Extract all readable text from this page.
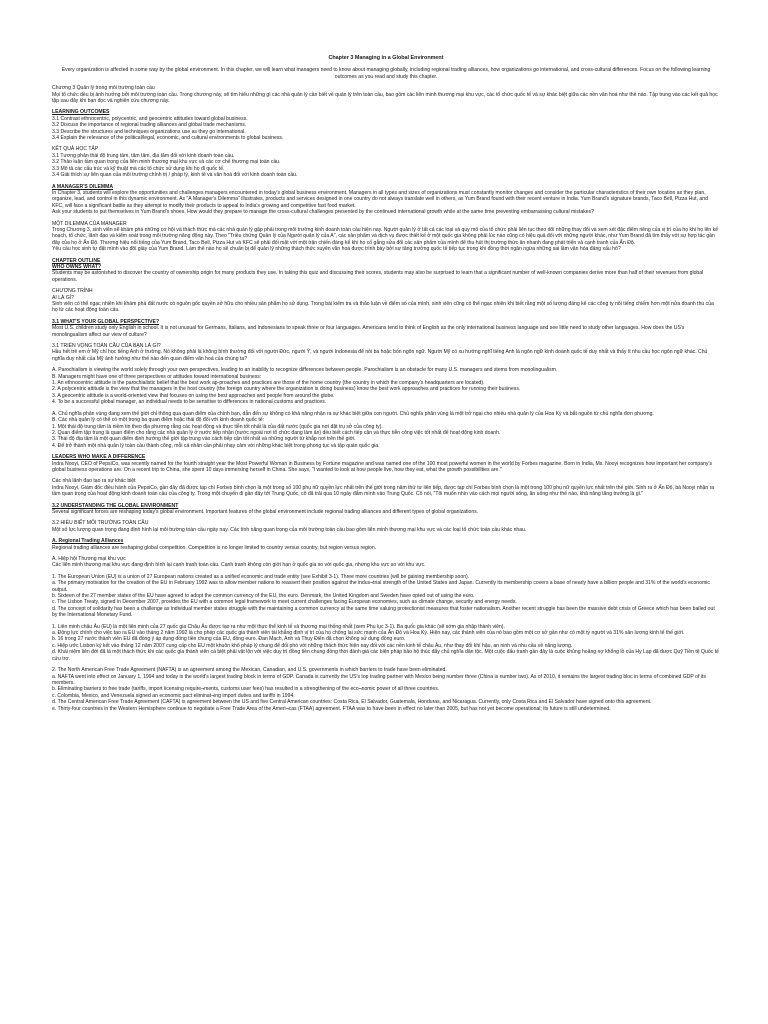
Chapter 3 Managing in a Global Environment

Every organization is affected in some way by the global environment. In this chapter, we will learn what managers need to know about managing globally, including regional trading alliances, how organizations go international, and cross-cultural differences. Focus on the following learning outcomes as you read and study this chapter.

Chương 3 Quản lý trong môi trường toàn cầu

Mọi tổ chức đều bị ảnh hưởng bởi môi trường toàn cầu. Trong chương này, sẽ tìm hiểu những gì các nhà quản lý cần biết về quản lý trên toàn cầu, bao gồm các liên minh thương mại khu vực, các tổ chức quốc tế và sự khác biệt giữa các nền văn hoá như thế nào. Tập trung vào các kết quả học tập sau đây khi bạn đọc và nghiên cứu chương này.

LEARNING OUTCOMES

3.1 Contrast ethnocentric, polycentric, and geocentric attitudes toward global business.

3.2 Discuss the importance of regional trading alliances and global trade mechanisms.

3.3 Describe the structures and techniques organizations use as they go international.

3.4 Explain the relevance of the political/legal, economic, and cultural environments to global business.

KẾT QUẢ HỌC TẬP

3.1 Tương phản thái độ trung tâm, tâm tâm, địa tâm đối với kinh doanh toàn cầu.

3.2 Thảo luận tầm quan trọng của liên minh thương mại khu vực và các cơ chế thương mại toàn cầu.

3.3 Mô tả các cấu trúc và kỹ thuật mà các tổ chức sử dụng khi họ đi quốc tế.

3.4 Giải thích sự liên quan của môi trường chính trị / pháp lý, kinh tế và văn hoá đối với kinh doanh toàn cầu.

A MANAGER'S DILEMMA

In Chapter 3, students will explore the opportunities and challenges managers encountered in today's global business environment. Managers in all types and sizes of organizations must constantly monitor changes and consider the particular characteristics of their own location as they plan, organize, lead, and control in this dynamic environment. As "A Manager's Dilemma" illustrates, products and services designed in one country do not always translate well in others, as Yum Brand found with their recent venture in India. Yum Brand's signature brands, Taco Bell, Pizza Hut, and KFC, will face a significant battle as they attempt to modify their products to appeal to India's growing and competitive fast food market.

Ask your students to put themselves in Yum Brand's shoes. How would they prepare to manage the cross-cultural challenges presented by the continued international growth while at the same time preventing embarrassing cultural mistakes?

MỘT DILEMMA CỦA MANAGER

Trong Chương 3, sinh viên sẽ khám phá những cơ hội và thách thức mà các nhà quản lý gặp phải trong môi trường kinh doanh toàn cầu hiện nay. Người quản lý ở tất cả các loại và quy mô của tổ chức phải liên tục theo dõi những thay đổi và xem xét đặc điểm riêng của vị trí của họ khi họ lên kế hoạch, tổ chức, lãnh đạo và kiểm soát trong môi trường năng động này. Theo "Triều chứng Quản lý của Người quản lý của A", các sản phẩm và dịch vụ được thiết kế ở một quốc gia không phải lúc nào cũng có hiệu quả đối với những người khác, như Yum Brand đã tìm thấy với sự hợp tác gần đây của họ ở Ấn Độ. Thương hiệu nổi tiếng của Yum Brand, Taco Bell, Pizza Hut và KFC sẽ phải đối mặt với một trận chiến đáng kể khi họ cố gắng sửa đổi các sản phẩm của mình để thu hút thị trường thức ăn nhanh đang phát triển và cạnh tranh của Ấn Độ.

Yêu cầu học sinh tự đặt mình vào đôi giày của Yum Brand. Làm thế nào họ sẽ chuẩn bị để quản lý những thách thức xuyên văn hoá được trình bày bởi sự tăng trưởng quốc tế tiếp tục trong khi đồng thời ngăn ngừa những sai lầm văn hóa đáng xấu hổ?

CHAPTER OUTLINE

WHO OWNS WHAT?

Students may be astonished to discover the country of ownership origin for many products they use. In taking this quiz and discussing their scores, students may also be surprised to learn that a significant number of well-known companies derive more than half of their revenues from global operations.

CHƯƠNG TRÌNH

AI LÀ GÌ?

Sinh viên có thể ngạc nhiên khi khám phá đất nước có nguồn gốc quyền sở hữu cho nhiều sản phẩm họ sử dụng. Trong bài kiểm tra và thảo luận về điểm số của mình, sinh viên cũng có thể ngạc nhiên khi biết rằng một số lượng đáng kể các công ty nổi tiếng chiếm hơn một nửa doanh thu của họ từ các hoạt động toàn cầu.

3.1 WHAT'S YOUR GLOBAL PERSPECTIVE?

Most U.S. children study only English in school. It is not unusual for Germans, Italians, and Indonesians to speak three or four languages. Americans tend to think of English as the only international business language and see little need to study other languages. How does the US's monolingualism affect our view of culture?

3.1 TRIỂN VỌNG TOÀN CẦU CỦA BẠN LÀ GÌ?

Hầu hết trẻ em ở Mỹ chỉ học tiếng Anh ở trường. Nó không phải là không bình thường đối với người Đức, người Ý, và người Indonesia để nói ba hoặc bốn ngôn ngữ. Người Mỹ có xu hướng nghĩ tiếng Anh là ngôn ngữ kinh doanh quốc tế duy nhất và thấy ít nhu cầu học ngôn ngữ khác. Chủ nghĩa duy nhất của Mỹ ảnh hưởng như thế nào đến quan điểm văn hoá của chúng ta?

A. Parochialism is viewing the world solely through your own perspectives, leading to an inability to recognize differences between people. Parochialism is an obstacle for many U.S. managers and stems from monolingualism.

B. Managers might have one of three perspectives or attitudes toward international business:

1. An ethnocentric attitude is the parochialistic belief that the best work ap-proaches and practices are those of the home country (the country in which the company's headquarters are located).

2. A polycentric attitude is the view that the managers in the host country (the foreign country where the organization is doing business) know the best work approaches and practices for running their business.

3. A geocentric attitude is a world-oriented view that focuses on using the best approaches and people from around the globe.

4. To be a successful global manager, an individual needs to be sensitive to differences in national customs and practices.

A. Chủ nghĩa phân vùng đang xem thế giới chỉ thông qua quan điểm của chính bạn, dẫn đến sự không có khả năng nhận ra sự khác biệt giữa con người. Chủ nghĩa phân vùng là một trở ngại cho nhiều nhà quản lý của Hoa Kỳ và bắt nguồn từ chủ nghĩa đơn phương.

B. Các nhà quản lý có thể có một trong ba quan điểm hoặc thái độ đối với kinh doanh quốc tế:

1. Một thái độ trung tâm là niềm tin theo địa phương rằng các hoạt động và thực tiễn tốt nhất là của đất nước (quốc gia nơi đặt trụ sở của công ty).

2. Quan điểm tập trung là quan điểm cho rằng các nhà quản lý ở nước tiếp nhận (nước ngoài nơi tổ chức đang làm ăn) đều biết cách tiếp cận và thực tiễn công việc tốt nhất để hoạt động kinh doanh.

3. Thái độ địa tâm là một quan điểm định hướng thế giới tập trung vào cách tiếp cận tốt nhất và những người từ khắp nơi trên thế giới.

4. Để trở thành một nhà quản lý toàn cầu thành công, mỗi cá nhân cần phải nhạy cảm với những khác biệt trong phong tục và tập quán quốc gia.

LEADERS WHO MAKE A DIFFERENCE

Indra Nooyi, CEO of PepsiCo, was recently named for the fourth straight year the Most Powerful Woman in Business by Fortune magazine and was named one of the 100 most powerful women in the world by Forbes magazine. Born in India, Ms. Nooyi recognizes how important her company's global business operations are. On a recent trip to China, she spent 10 days immersing herself in China. She says, "I wanted to look at how people live, how they eat, what the growth possibilities are."

Các nhà lãnh đạo tạo ra sự khác biệt

Indra Nooyi, Giám đốc điều hành của PepsiCo, gần đây đã được tạp chí Forbes bình chọn là một trong số 100 phụ nữ quyền lực nhất trên thế giới trong năm thứ tư liên tiếp, được tạp chí Forbes bình chọn là một trong 100 phụ nữ quyền lực nhất trên thế giới. Sinh ra ở Ấn Độ, bà Nooyi nhận ra tầm quan trọng của hoạt động kinh doanh toàn cầu của công ty. Trong một chuyến đi gần đây tới Trung Quốc, cô đã trải qua 10 ngày đắm mình vào Trung Quốc. Cô nói, "Tôi muốn nhìn vào cách mọi người sống, ăn uống như thế nào, khả năng tăng trưởng là gì."

3.2 UNDERSTANDING THE GLOBAL ENVIRONMENT

Several significant forces are reshaping today's global environment. Important features of the global environment include regional trading alliances and different types of global organizations.

3.2 HIỂU BIẾT MÔI TRƯỜNG TOÀN CẦU

Một số lực lượng quan trọng đang định hình lại môi trường toàn cầu ngày nay. Các tính năng quan trọng của môi trường toàn cầu bao gồm liên minh thương mại khu vực và các loại tổ chức toàn cầu khác nhau.

A. Regional Trading Alliances

Regional trading alliances are reshaping global competition. Competition is no longer limited to country versus country, but region versus region.

A. Hiệp hội Thương mại khu vực

Các liên minh thương mại khu vực đang định hình lại cạnh tranh toàn cầu. Cạnh tranh không còn giới hạn ở quốc gia so với quốc gia, nhưng khu vực so với khu vực.

1. The European Union (EU) is a union of 27 European nations created as a unified economic and trade entity (see Exhibit 3-1). Three more countries (will be gaining membership soon).

a. The primary motivation for the creation of the EU in February 1992 was to allow member nations to reassert their position against the indus¬trial strength of the United States and Japan. Currently its membership covers a base of nearly have a billion people and 31% of the world's economic output.

b. Sixteen of the 27 member states of the EU have agreed to adopt the common currency of the EU, the euro. Denmark, the United Kingdom and Sweden have opted out of using the euro.

c. The Lisbon Treaty, signed in December 2007, provides the EU with a common legal framework to meet current challenges facing European economies, such as climate change, security and energy needs.

d. The concept of solidarity has been a challenge as individual member states struggle with the maintaining a common currency at the same time valuing protectionist measures that foster nationalism. Another recent struggle has been the massive debt crisis of Greece which has been bailed out by the International Monetary Fund.

1. Liên minh châu Âu (EU) là một liên minh của 27 quốc gia Châu Âu được tạo ra như một thực thể kinh tế và thương mại thống nhất (xem Phụ lục 3-1). Ba quốc gia khác (sẽ sớm gia nhập thành viên).

a. Động lực chính cho việc tạo ra EU vào tháng 2 năm 1992 là cho phép các quốc gia thành viên tái khẳng định vị trí của họ chống lại sức mạnh của Ấn Độ và Hoa Kỳ. Hiện nay, các thành viên của nó bao gồm một cơ sở gần như có một tỷ người và 31% sản lượng kinh tế thế giới.

b. 16 trong 27 nước thành viên EU đã đồng ý áp dụng đồng tiền chung của EU, đồng euro. Đan Mạch, Anh và Thụy Điển đã chọn không sử dụng đồng euro.

c. Hiệp ước Lisbon ký kết vào tháng 12 năm 2007 cung cấp cho EU một khuôn khổ pháp lý chung để đối phó với những thách thức hiện nay đối với các nền kinh tế châu Âu, như thay đổi khí hậu, an ninh và nhu cầu về năng lượng.

d. Khái niệm liên đới đã là một thách thức khi các quốc gia thành viên cá biệt phải vật lộn với việc duy trì đồng tiền chung đồng thời đánh giá các biện pháp bảo hộ thúc đẩy chủ nghĩa dân tộc. Một cuộc đấu tranh gần đây là cuộc khủng hoảng nợ khổng lồ của Hy Lạp đã được Quỹ Tiền tệ Quốc tế cứu trợ.

2. The North American Free Trade Agreement (NAFTA) is an agreement among the Mexican, Canadian, and U.S. governments in which barriers to trade have been eliminated.

a. NAFTA went into effect on January 1, 1994 and today is the world's largest trading block in terms of GDP. Canada is currently the US's top trading partner with Mexico being number three (China is number two). As of 2010, it remains the largest trading bloc in terms of combined GDP of its members.

b. Eliminating barriers to free trade (tariffs, import licensing require¬ments, customs user fees) has resulted in a strengthening of the eco¬nomic power of all three countries.

c. Colombia, Mexico, and Venezuela signed an economic pact eliminat¬ing import duties and tariffs in 1994.

d. The Central American Free Trade Agreement (CAFTA) is agreement between the US and five Central American countries: Costa Rica, El Salvador, Guatemala, Honduras, and Nicaragua. Currently, only Costa Rica and El Salvador have signed onto this agreement.

e. Thirty-four countries in the Western Hemisphere continue to negotiate a Free Trade Area of the Ameri¬cas (FTAA) agreement. FTAA was to have been in effect no later than 2005, but has not yet become operational; its future is still undetermined.
